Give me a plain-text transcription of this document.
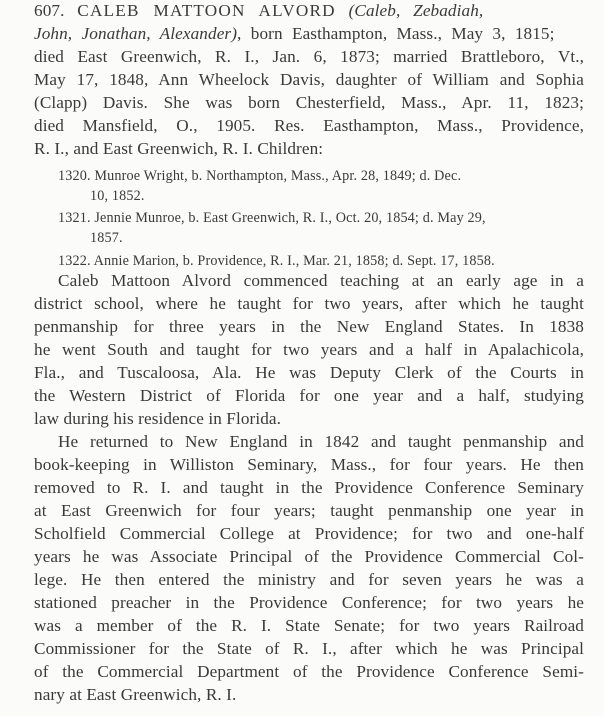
607. CALEB MATTOON ALVORD (Caleb, Zebadiah,
John, Jonathan, Alexander), born Easthampton, Mass., May 3, 1815;
died East Greenwich, R. I., Jan. 6, 1873; married Brattleboro, Vt.,
May 17, 1848, Ann Wheelock Davis, daughter of William and Sophia
(Clapp) Davis. She was born Chesterfield, Mass., Apr. 11, 1823;
died Mansfield, O., 1905. Res. Easthampton, Mass., Providence,
R. I., and East Greenwich, R. I. Children:
1320. Munroe Wright, b. Northampton, Mass., Apr. 28, 1849; d. Dec.
10, 1852.
1321. Jennie Munroe, b. East Greenwich, R. I., Oct. 20, 1854; d. May 29,
1857.
1322. Annie Marion, b. Providence, R. I., Mar. 21, 1858; d. Sept. 17, 1858.
Caleb Mattoon Alvord commenced teaching at an early age in a
district school, where he taught for two years, after which he taught
penmanship for three years in the New England States. In 1838
he went South and taught for two years and a half in Apalachicola,
Fla., and Tuscaloosa, Ala. He was Deputy Clerk of the Courts in
the Western District of Florida for one year and a half, studying
law during his residence in Florida.
He returned to New England in 1842 and taught penmanship and
book-keeping in Williston Seminary, Mass., for four years. He then
removed to R. I. and taught in the Providence Conference Seminary
at East Greenwich for four years; taught penmanship one year in
Scholfield Commercial College at Providence; for two and one-half
years he was Associate Principal of the Providence Commercial Col-
lege. He then entered the ministry and for seven years he was a
stationed preacher in the Providence Conference; for two years he
was a member of the R. I. State Senate; for two years Railroad
Commissioner for the State of R. I., after which he was Principal
of the Commercial Department of the Providence Conference Semi-
nary at East Greenwich, R. I.
